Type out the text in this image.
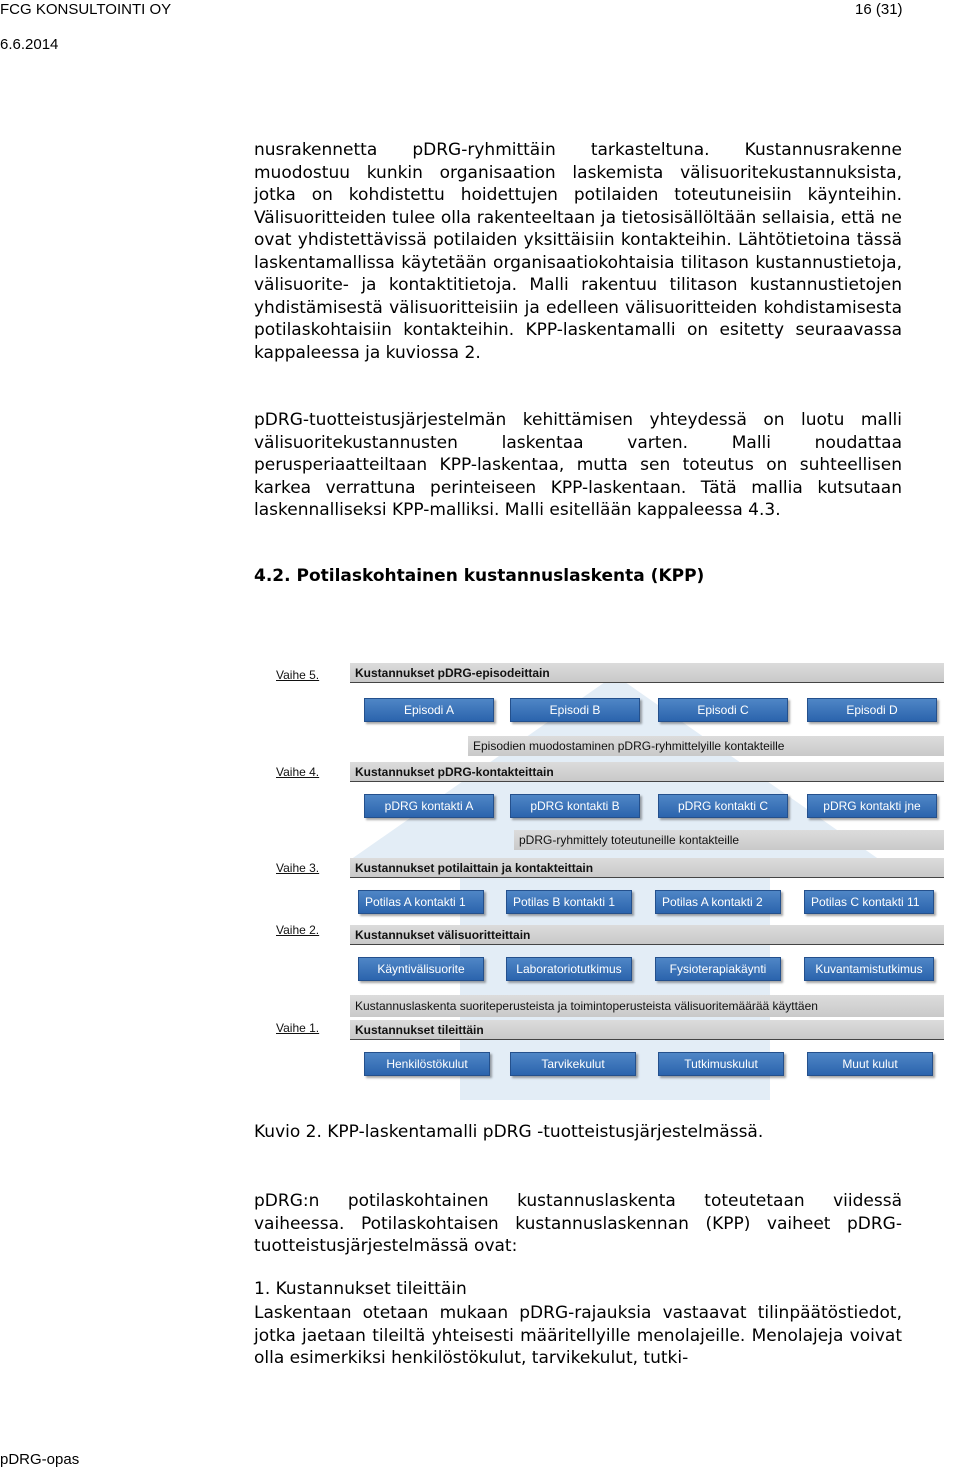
FCG KONSULTOINTI OY
6.6.2014
16 (31)

nusrakennetta pDRG-ryhmittäin tarkasteltuna. Kustannusrakenne muodostuu kunkin organisaation laskemista välisuoritekustannuksista, jotka on kohdistettu hoidettujen potilaiden toteutuneisiin käynteihin. Välisuoritteiden tulee olla rakenteeltaan ja tietosisällöltään sellaisia, että ne ovat yhdistettävissä potilaiden yksittäisiin kontakteihin. Lähtötietoina tässä laskentamallissa käytetään organisaatiokohtaisia tilitason kustannustietoja, välisuorite- ja kontaktitietoja. Malli rakentuu tilitason kustannustietojen yhdistämisestä välisuoritteisiin ja edelleen välisuoritteiden kohdistamisesta potilaskohtaisiin kontakteihin. KPP-laskentamalli on esitetty seuraavassa kappaleessa ja kuviossa 2.

pDRG-tuotteistusjärjestelmän kehittämisen yhteydessä on luotu malli välisuoritekustannusten laskentaa varten. Malli noudattaa perusperiaatteiltaan KPP-laskentaa, mutta sen toteutus on suhteellisen karkea verrattuna perinteiseen KPP-laskentaan. Tätä mallia kutsutaan laskennalliseksi KPP-malliksi. Malli esitellään kappaleessa 4.3.

4.2. Potilaskohtainen kustannuslaskenta (KPP)
Vaihe 5.	Kustannukset pDRG-episodeittain
Episodi A	Episodi B	Episodi C	Episodi D
Episodien muodostaminen pDRG-ryhmittelyille kontakteille
Vaihe 4.	Kustannukset pDRG-kontakteittain
pDRG kontakti A	pDRG kontakti B	pDRG kontakti C	pDRG kontakti jne
pDRG-ryhmittely toteutuneille kontakteille
Vaihe 3.	Kustannukset potilaittain ja kontakteittain
Potilas A kontakti 1	Potilas B kontakti 1	Potilas A kontakti 2	Potilas C kontakti 11
Vaihe 2.	Kustannukset välisuoritteittain
Käyntivälisuorite	Laboratoriotutkimus	Fysioterapiakäynti	Kuvantamistutkimus
Kustannuslaskenta suoriteperusteista ja toimintoperusteista välisuoritemäärää käyttäen
Vaihe 1.	Kustannukset tileittäin
Henkilöstökulut	Tarvikekulut	Tutkimuskulut	Muut kulut

Kuvio 2. KPP-laskentamalli pDRG -tuotteistusjärjestelmässä.

pDRG:n potilaskohtainen kustannuslaskenta toteutetaan viidessä vaiheessa. Potilaskohtaisen kustannuslaskennan (KPP) vaiheet pDRG-tuotteistusjärjestelmässä ovat:

1. Kustannukset tileittäin

Laskentaan otetaan mukaan pDRG-rajauksia vastaavat tilinpäätöstiedot, jotka jaetaan tileiltä yhteisesti määritellyille menolajeille. Menolajeja voivat olla esimerkiksi henkilöstökulut, tarvikekulut, tutki-

pDRG-opas
